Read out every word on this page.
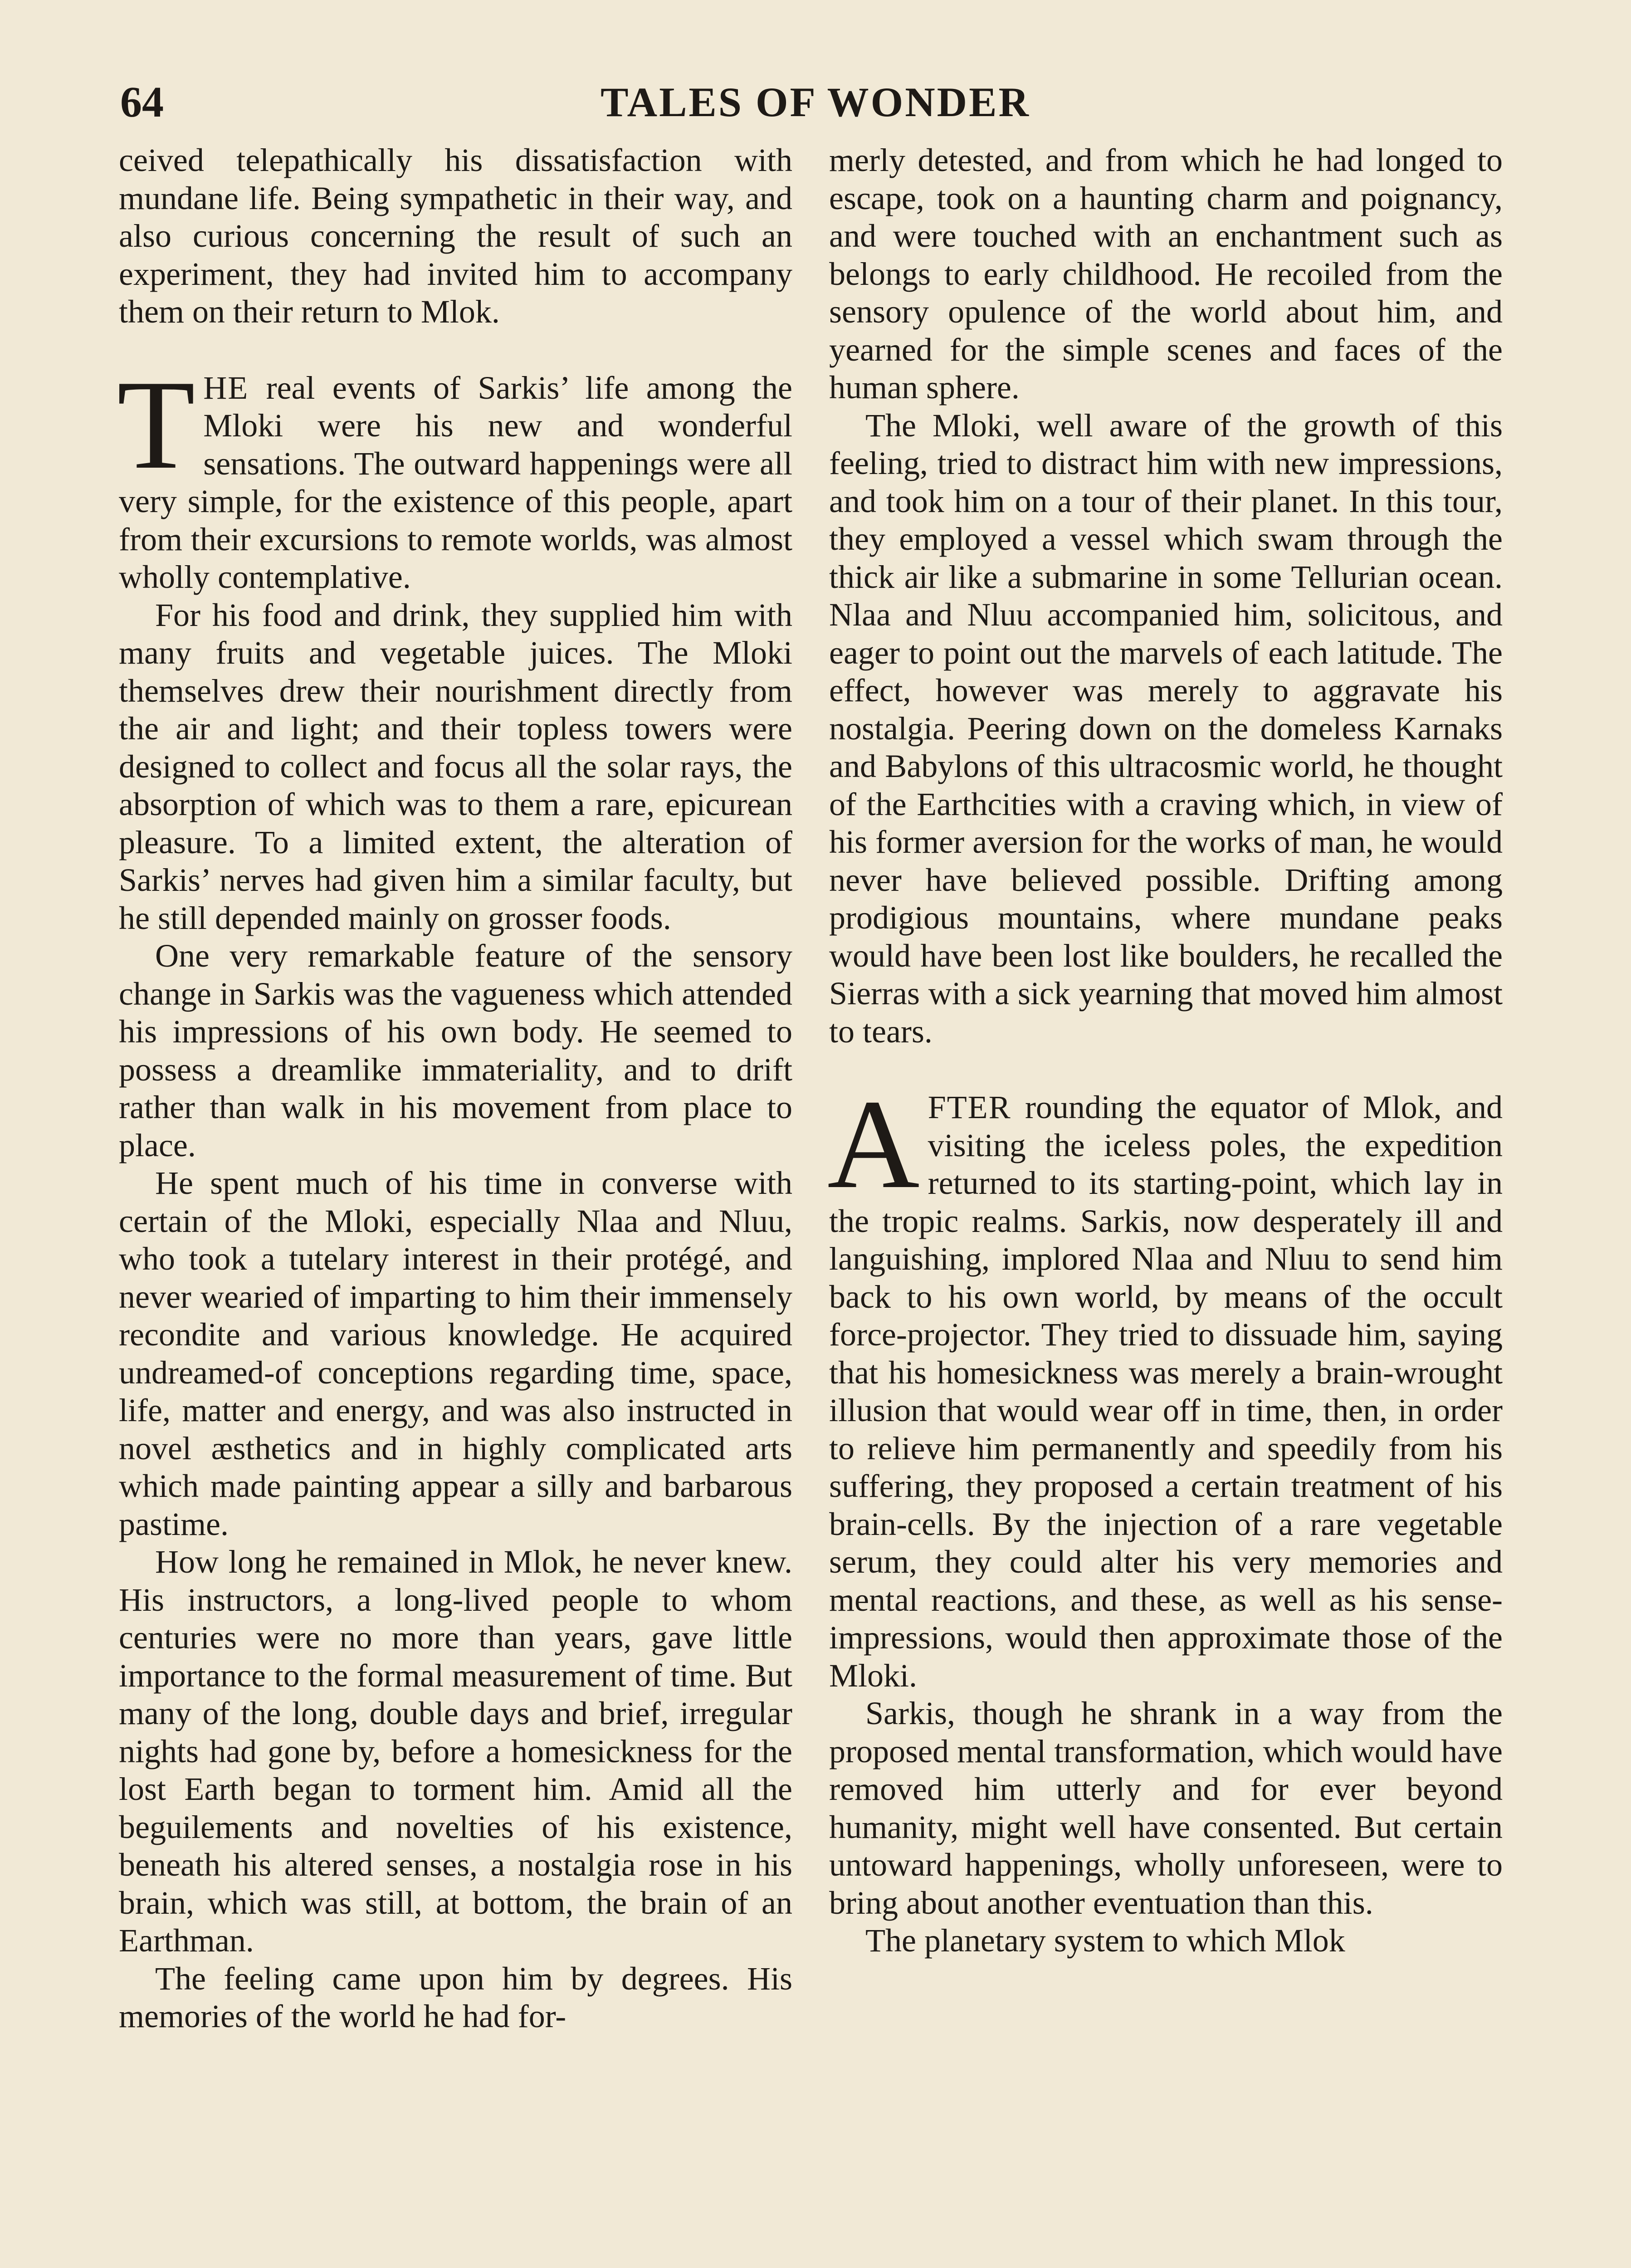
64	TALES OF WONDER

ceived telepathically his dissatisfaction with mundane life. Being sympathetic in their way, and also curious concerning the result of such an experiment, they had invited him to accompany them on their return to Mlok.

THE real events of Sarkis’ life among the Mloki were his new and wonderful sensations. The outward happenings were all very simple, for the existence of this people, apart from their excursions to remote worlds, was almost wholly contemplative.

For his food and drink, they supplied him with many fruits and vegetable juices. The Mloki themselves drew their nourishment directly from the air and light; and their topless towers were designed to collect and focus all the solar rays, the absorption of which was to them a rare, epicurean pleasure. To a limited extent, the alteration of Sarkis’ nerves had given him a similar faculty, but he still depended mainly on grosser foods.

One very remarkable feature of the sensory change in Sarkis was the vagueness which attended his impressions of his own body. He seemed to possess a dreamlike immateriality, and to drift rather than walk in his movement from place to place.

He spent much of his time in converse with certain of the Mloki, especially Nlaa and Nluu, who took a tutelary interest in their protégé, and never wearied of imparting to him their immensely recondite and various knowledge. He acquired undreamed-of conceptions regarding time, space, life, matter and energy, and was also instructed in novel æsthetics and in highly complicated arts which made painting appear a silly and barbarous pastime.

How long he remained in Mlok, he never knew. His instructors, a long-lived people to whom centuries were no more than years, gave little importance to the formal measurement of time. But many of the long, double days and brief, irregular nights had gone by, before a homesickness for the lost Earth began to torment him. Amid all the beguilements and novelties of his existence, beneath his altered senses, a nostalgia rose in his brain, which was still, at bottom, the brain of an Earthman.

The feeling came upon him by degrees. His memories of the world he had for-

merly detested, and from which he had longed to escape, took on a haunting charm and poignancy, and were touched with an enchantment such as belongs to early childhood. He recoiled from the sensory opulence of the world about him, and yearned for the simple scenes and faces of the human sphere.

The Mloki, well aware of the growth of this feeling, tried to distract him with new impressions, and took him on a tour of their planet. In this tour, they employed a vessel which swam through the thick air like a submarine in some Tellurian ocean. Nlaa and Nluu accompanied him, solicitous, and eager to point out the marvels of each latitude. The effect, however was merely to aggravate his nostalgia. Peering down on the domeless Karnaks and Babylons of this ultracosmic world, he thought of the Earthcities with a craving which, in view of his former aversion for the works of man, he would never have believed possible. Drifting among prodigious mountains, where mundane peaks would have been lost like boulders, he recalled the Sierras with a sick yearning that moved him almost to tears.

AFTER rounding the equator of Mlok, and visiting the iceless poles, the expedition returned to its starting-point, which lay in the tropic realms. Sarkis, now desperately ill and languishing, implored Nlaa and Nluu to send him back to his own world, by means of the occult force-projector. They tried to dissuade him, saying that his homesickness was merely a brain-wrought illusion that would wear off in time, then, in order to relieve him permanently and speedily from his suffering, they proposed a certain treatment of his brain-cells. By the injection of a rare vegetable serum, they could alter his very memories and mental reactions, and these, as well as his sense-impressions, would then approximate those of the Mloki.

Sarkis, though he shrank in a way from the proposed mental transformation, which would have removed him utterly and for ever beyond humanity, might well have consented. But certain untoward happenings, wholly unforeseen, were to bring about another eventuation than this.

The planetary system to which Mlok
